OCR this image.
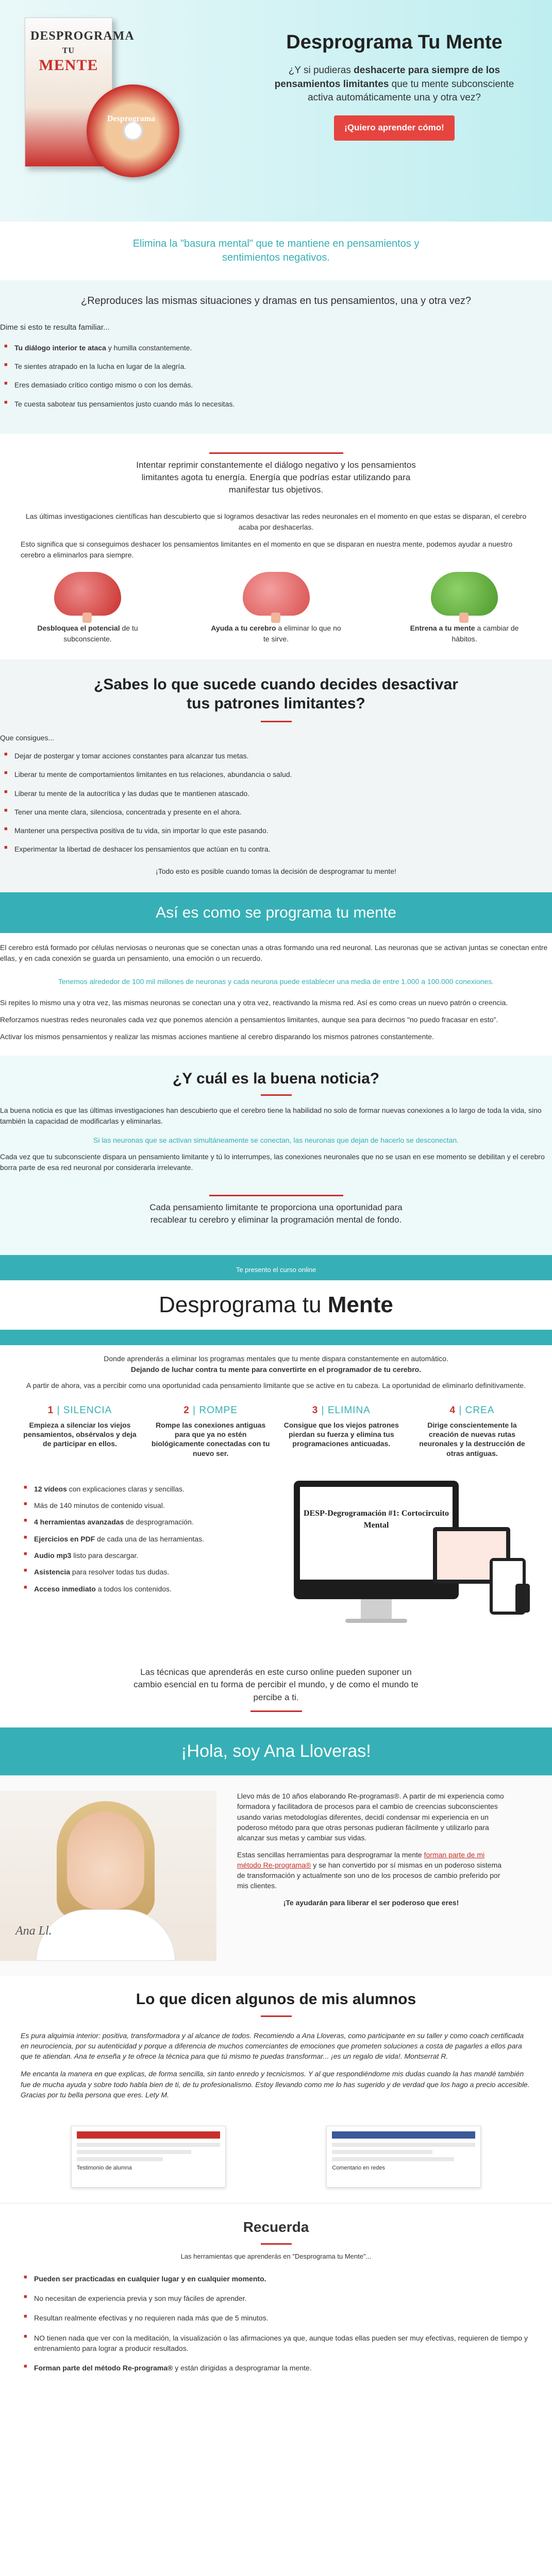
DESPROGRAMA
TU
MENTE
Desprograma
Desprograma Tu Mente

¿Y si pudieras deshacerte para siempre de los pensamientos limitantes que tu mente subconsciente activa automáticamente una y otra vez?

¡Quiero aprender cómo!
Elimina la "basura mental" que te mantiene en pensamientos y sentimientos negativos.
¿Reproduces las mismas situaciones y dramas en tus pensamientos, una y otra vez?
Dime si esto te resulta familiar...
■ Tu diálogo interior te ataca y humilla constantemente.
■ Te sientes atrapado en la lucha en lugar de la alegría.
■ Eres demasiado crítico contigo mismo o con los demás.
■ Te cuesta sabotear tus pensamientos justo cuando más lo necesitas.
Intentar reprimir constantemente el diálogo negativo y los pensamientos limitantes agota tu energía. Energía que podrías estar utilizando para manifestar tus objetivos.

Las últimas investigaciones científicas han descubierto que si logramos desactivar las redes neuronales en el momento en que estas se disparan, el cerebro acaba por deshacerlas.

Esto significa que si conseguimos deshacer los pensamientos limitantes en el momento en que se disparan en nuestra mente, podemos ayudar a nuestro cerebro a eliminarlos para siempre.

Desbloquea el potencial de tu subconsciente.
Ayuda a tu cerebro a eliminar lo que no te sirve.
Entrena a tu mente a cambiar de hábitos.
¿Sabes lo que sucede cuando decides desactivar tus patrones limitantes?
Que consigues...
■ Dejar de postergar y tomar acciones constantes para alcanzar tus metas.
■ Liberar tu mente de comportamientos limitantes en tus relaciones, abundancia o salud.
■ Liberar tu mente de la autocrítica y las dudas que te mantienen atascado.
■ Tener una mente clara, silenciosa, concentrada y presente en el ahora.
■ Mantener una perspectiva positiva de tu vida, sin importar lo que este pasando.
■ Experimentar la libertad de deshacer los pensamientos que actúan en tu contra.
¡Todo esto es posible cuando tomas la decisión de desprogramar tu mente!
Así es como se programa tu mente

El cerebro está formado por células nerviosas o neuronas que se conectan unas a otras formando una red neuronal. Las neuronas que se activan juntas se conectan entre ellas, y en cada conexión se guarda un pensamiento, una emoción o un recuerdo.

Tenemos alrededor de 100 mil millones de neuronas y cada neurona puede establecer una media de entre 1.000 a 100.000 conexiones.

Si repites lo mismo una y otra vez, las mismas neuronas se conectan una y otra vez, reactivando la misma red. Así es como creas un nuevo patrón o creencia.

Reforzamos nuestras redes neuronales cada vez que ponemos atención a pensamientos limitantes, aunque sea para decirnos "no puedo fracasar en esto".

Activar los mismos pensamientos y realizar las mismas acciones mantiene al cerebro disparando los mismos patrones constantemente.

¿Y cuál es la buena noticia?

La buena noticia es que las últimas investigaciones han descubierto que el cerebro tiene la habilidad no solo de formar nuevas conexiones a lo largo de toda la vida, sino también la capacidad de modificarlas y eliminarlas.

Si las neuronas que se activan simultáneamente se conectan, las neuronas que dejan de hacerlo se desconectan.

Cada vez que tu subconsciente dispara un pensamiento limitante y tú lo interrumpes, las conexiones neuronales que no se usan en ese momento se debilitan y el cerebro borra parte de esa red neuronal por considerarla irrelevante.

Cada pensamiento limitante te proporciona una oportunidad para recablear tu cerebro y eliminar la programación mental de fondo.
Te presento el curso online
Desprograma tu Mente

Donde aprenderás a eliminar los programas mentales que tu mente dispara constantemente en automático.

Dejando de luchar contra tu mente para convertirte en el programador de tu cerebro.

A partir de ahora, vas a percibir como una oportunidad cada pensamiento limitante que se active en tu cabeza. La oportunidad de eliminarlo definitivamente.

1 | SILENCIA
Empieza a silenciar los viejos pensamientos, obsérvalos y deja de participar en ellos.
2 | ROMPE
Rompe las conexiones antiguas para que ya no estén biológicamente conectadas con tu nuevo ser.
3 | ELIMINA
Consigue que los viejos patrones pierdan su fuerza y elimina tus programaciones anticuadas.
4 | CREA
Dirige conscientemente la creación de nuevas rutas neuronales y la destrucción de otras antiguas.
■ 12 vídeos con explicaciones claras y sencillas.
■ Más de 140 minutos de contenido visual.
■ 4 herramientas avanzadas de desprogramación.
■ Ejercicios en PDF de cada una de las herramientas.
■ Audio mp3 listo para descargar.
■ Asistencia para resolver todas tus dudas.
■ Acceso inmediato a todos los contenidos.
DESP-Degrogramación #1: Cortocircuito Mental
Las técnicas que aprenderás en este curso online pueden suponer un cambio esencial en tu forma de percibir el mundo, y de como el mundo te percibe a ti.
¡Hola, soy Ana Lloveras!
Ana Ll.

Llevo más de 10 años elaborando Re-programas®. A partir de mi experiencia como formadora y facilitadora de procesos para el cambio de creencias subconscientes usando varias metodologías diferentes, decidí condensar mi experiencia en un poderoso método para que otras personas pudieran fácilmente y utilizarlo para alcanzar sus metas y cambiar sus vidas.

Estas sencillas herramientas para desprogramar la mente forman parte de mi método Re-programa® y se han convertido por sí mismas en un poderoso sistema de transformación y actualmente son uno de los procesos de cambio preferido por mis clientes.

¡Te ayudarán para liberar el ser poderoso que eres!

Lo que dicen algunos de mis alumnos

Es pura alquimia interior: positiva, transformadora y al alcance de todos. Recomiendo a Ana Lloveras, como participante en su taller y como coach certificada en neurociencia, por su autenticidad y porque a diferencia de muchos comerciantes de emociones que prometen soluciones a costa de pagarles a ellos para que te atiendan. Ana te enseña y te ofrece la técnica para que tú mismo te puedas transformar... ¡es un regalo de vida!. Montserrat R.

Me encanta la manera en que explicas, de forma sencilla, sin tanto enredo y tecnicismos. Y al que respondiéndome mis dudas cuando la has mandé también fue de mucha ayuda y sobre todo habla bien de ti, de tu profesionalismo. Estoy llevando como me lo has sugerido y de verdad que los hago a precio accesible. Gracias por tu bella persona que eres. Lety M.

Testimonio de alumna	Comentario en redes
Recuerda
Las herramientas que aprenderás en "Desprograma tu Mente"...
■ Pueden ser practicadas en cualquier lugar y en cualquier momento.
■ No necesitan de experiencia previa y son muy fáciles de aprender.
■ Resultan realmente efectivas y no requieren nada más que de 5 minutos.
■ NO tienen nada que ver con la meditación, la visualización o las afirmaciones ya que, aunque todas ellas pueden ser muy efectivas, requieren de tiempo y entrenamiento para lograr a producir resultados.
■ Forman parte del método Re-programa® y están dirigidas a desprogramar la mente.
